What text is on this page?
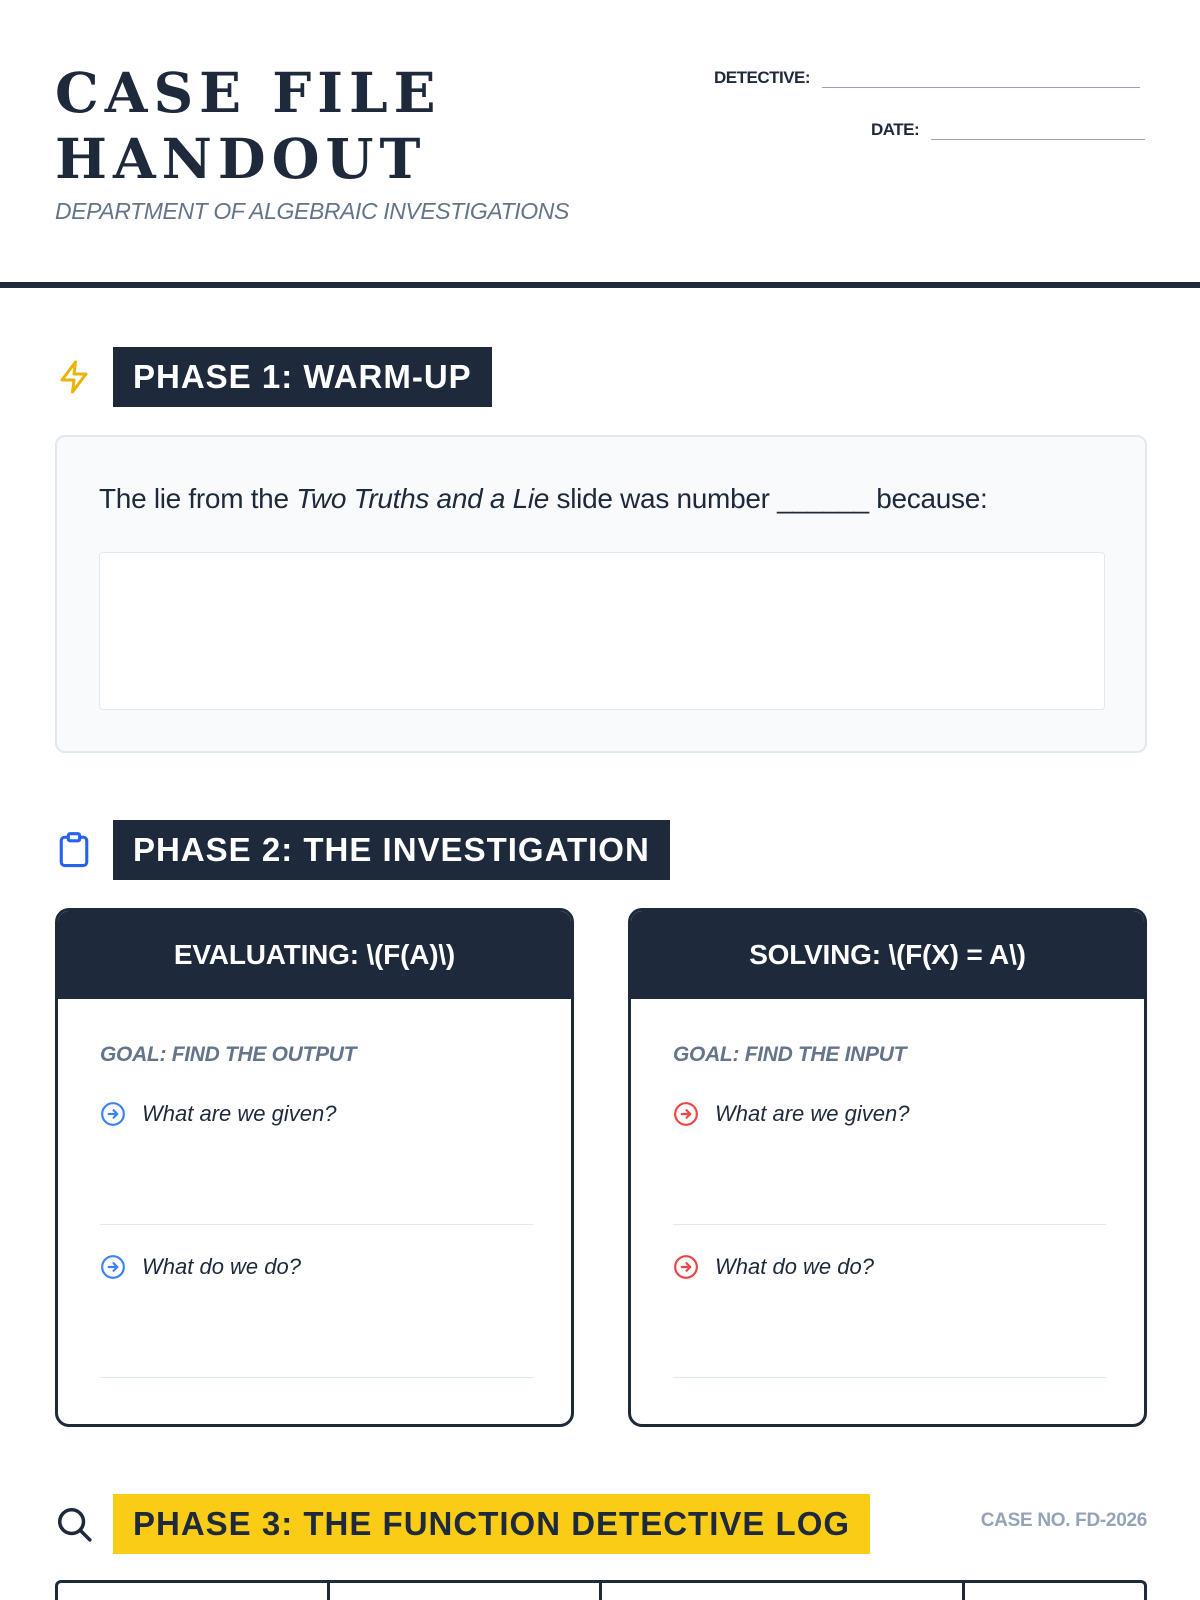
CASE FILE
HANDOUT
DEPARTMENT OF ALGEBRAIC INVESTIGATIONS
DETECTIVE:
DATE:
PHASE 1: WARM-UP
The lie from the Two Truths and a Lie slide was number ______ because:
PHASE 2: THE INVESTIGATION
EVALUATING: \(F(A)\)
GOAL: FIND THE OUTPUT
What are we given?
What do we do?
SOLVING: \(F(X) = A\)
GOAL: FIND THE INPUT
What are we given?
What do we do?
PHASE 3: THE FUNCTION DETECTIVE LOG	CASE NO. FD-2026
